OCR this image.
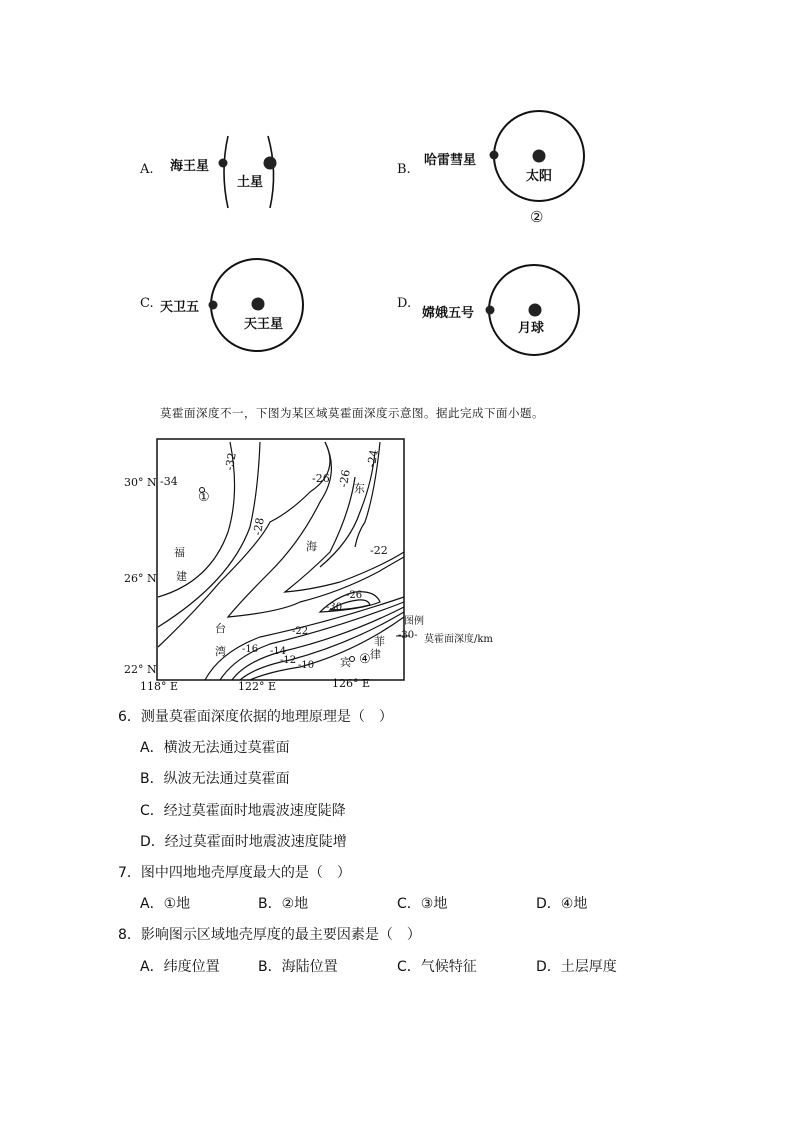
A. 海王星
土星
B.
哈雷彗星
太阳
②
C. 天卫五
天王星
D.
嫦娥五号
月球
莫霍面深度不一，下图为某区域莫霍面深度示意图。据此完成下面小题。
30° N
26° N
22° N
118° E	122° E	126° E
-34
-32
-28
-26 -26
-24
-22
-26
-30
-22
-16 -14
-12 -10
福
建
东
海
台
湾
菲
律
宾
①
④
图例
-30- 莫霍面深度/km
6．测量莫霍面深度依据的地理原理是（　）
A．横波无法通过莫霍面
B．纵波无法通过莫霍面
C．经过莫霍面时地震波速度陡降
D．经过莫霍面时地震波速度陡增
7．图中四地地壳厚度最大的是（　）
A．①地	B．②地	C．③地	D．④地
8．影响图示区域地壳厚度的最主要因素是（　）
A．纬度位置	B．海陆位置	C．气候特征	D．土层厚度
